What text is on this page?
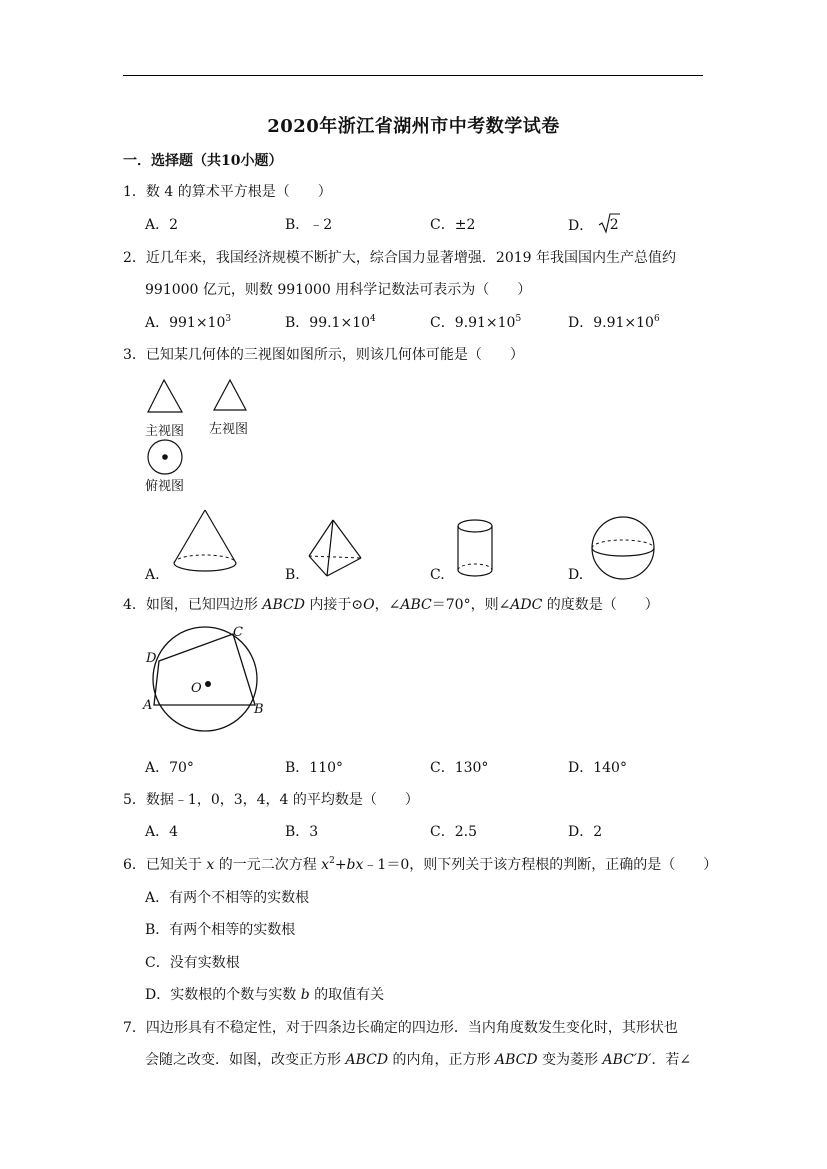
2020年浙江省湖州市中考数学试卷
一．选择题（共10小题）
1．数 4 的算术平方根是（　　）
A．2	B．﹣2	C．±2	D． 2
2．近几年来，我国经济规模不断扩大，综合国力显著增强．2019 年我国国内生产总值约
991000 亿元，则数 991000 用科学记数法可表示为（　　）
A．$991\times 10^3$	B．$99.1\times 10^4$	C．$9.91\times 10^5$	D．$9.91\times 10^6$
3．已知某几何体的三视图如图所示，则该几何体可能是（　　）
主视图 左视图
俯视图
A.	B.	C.	D.
4．如图，已知四边形 ABCD 内接于⊙O，∠ABC＝70°，则∠ADC 的度数是（　　）
D
C
A	B
O
A．70°	B．110°	C．130°	D．140°
5．数据﹣1，0，3，4，4 的平均数是（　　）
A．4	B．3	C．2.5	D．2
6．已知关于 x 的一元二次方程 $x^2+bx﹣1=0$，则下列关于该方程根的判断，正确的是（　　）
A．有两个不相等的实数根
B．有两个相等的实数根
C．没有实数根
D．实数根的个数与实数 b 的取值有关
7．四边形具有不稳定性，对于四条边长确定的四边形．当内角度数发生变化时，其形状也
会随之改变．如图，改变正方形 ABCD 的内角，正方形 ABCD 变为菱形 ABC′D′．若∠
